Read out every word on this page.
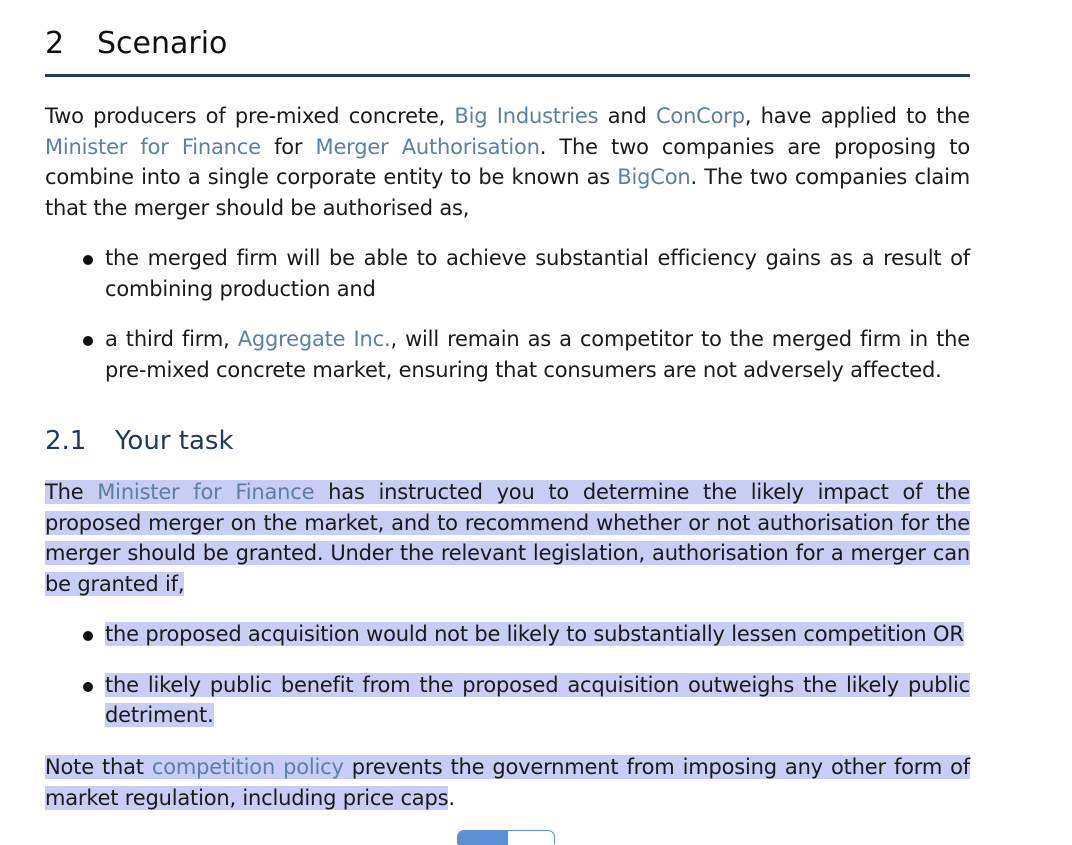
2 Scenario

Two producers of pre-mixed concrete, Big Industries and ConCorp, have applied to the Minister for Finance for Merger Authorisation. The two companies are proposing to combine into a single corporate entity to be known as BigCon. The two companies claim that the merger should be authorised as,

the merged firm will be able to achieve substantial efficiency gains as a result of combining production and
a third firm, Aggregate Inc., will remain as a competitor to the merged firm in the pre-mixed concrete market, ensuring that consumers are not adversely affected.
2.1 Your task

The Minister for Finance has instructed you to determine the likely impact of the proposed merger on the market, and to recommend whether or not authorisation for the merger should be granted. Under the relevant legislation, authorisation for a merger can be granted if,

the proposed acquisition would not be likely to substantially lessen competition OR
the likely public benefit from the proposed acquisition outweighs the likely public detriment.

Note that competition policy prevents the government from imposing any other form of market regulation, including price caps.
